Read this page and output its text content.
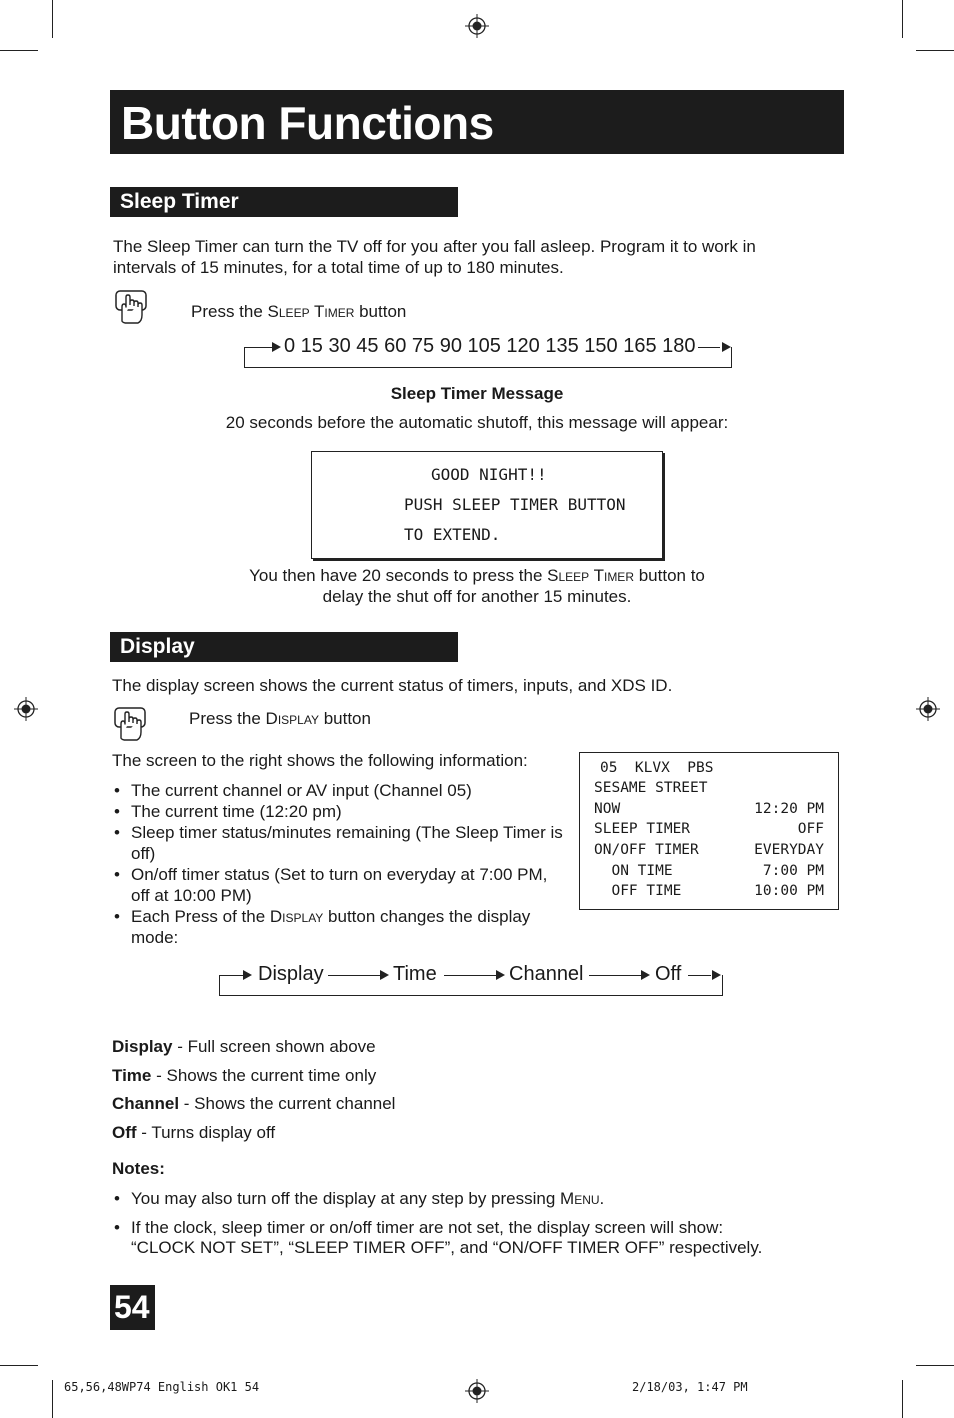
Button Functions
Sleep Timer
The Sleep Timer can turn the TV off for you after you fall asleep. Program it to work in intervals of 15 minutes, for a total time of up to 180 minutes.
Press the Sleep Timer button
0 15 30 45 60 75 90 105 120 135 150 165 180
Sleep Timer Message
20 seconds before the automatic shutoff, this message will appear:
GOOD NIGHT!!
PUSH SLEEP TIMER BUTTON
TO EXTEND.
You then have 20 seconds to press the Sleep Timer button to
delay the shut off for another 15 minutes.
Display
The display screen shows the current status of timers, inputs, and XDS ID.
Press the Display button
The screen to the right shows the following information:
• The current channel or AV input (Channel 05)
• The current time (12:20 pm)
• Sleep timer status/minutes remaining (The Sleep Timer is off)
• On/off timer status (Set to turn on everyday at 7:00 PM, off at 10:00 PM)
• Each Press of the Display button changes the display mode:
05  KLVX  PBS
SESAME STREET
NOW	12:20 PM
SLEEP TIMER	OFF
ON/OFF TIMER	EVERYDAY
ON TIME	7:00 PM
OFF TIME	10:00 PM
Display	Time	Channel	Off
Display - Full screen shown above
Time - Shows the current time only
Channel - Shows the current channel
Off - Turns display off
Notes:
• You may also turn off the display at any step by pressing Menu.
• If the clock, sleep timer or on/off timer are not set, the display screen will show:
“CLOCK NOT SET”, “SLEEP TIMER OFF”, and “ON/OFF TIMER OFF” respectively.
54
65,56,48WP74 English OK1 54	2/18/03, 1:47 PM
